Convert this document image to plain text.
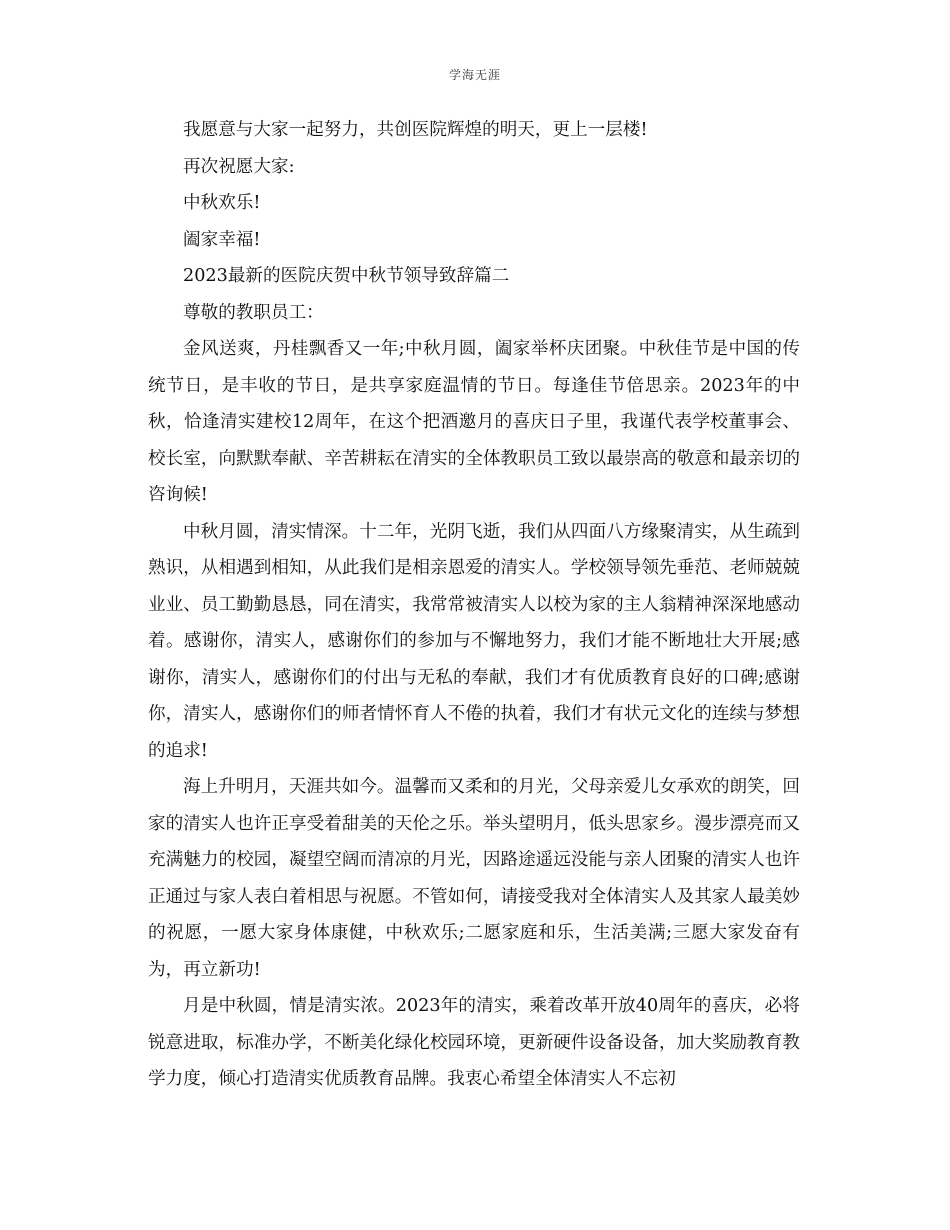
学海无涯
我愿意与大家一起努力，共创医院辉煌的明天，更上一层楼!
再次祝愿大家:
中秋欢乐!
阖家幸福!
2023最新的医院庆贺中秋节领导致辞篇二
尊敬的教职员工：

金风送爽，丹桂飘香又一年;中秋月圆，阖家举杯庆团聚。中秋佳节是中国的传统节日，是丰收的节日，是共享家庭温情的节日。每逢佳节倍思亲。2023年的中秋，恰逢清实建校12周年，在这个把酒邀月的喜庆日子里，我谨代表学校董事会、校长室，向默默奉献、辛苦耕耘在清实的全体教职员工致以最崇高的敬意和最亲切的咨询候!

中秋月圆，清实情深。十二年，光阴飞逝，我们从四面八方缘聚清实，从生疏到熟识，从相遇到相知，从此我们是相亲恩爱的清实人。学校领导领先垂范、老师兢兢业业、员工勤勤恳恳，同在清实，我常常被清实人以校为家的主人翁精神深深地感动着。感谢你，清实人，感谢你们的参加与不懈地努力，我们才能不断地壮大开展;感谢你，清实人，感谢你们的付出与无私的奉献，我们才有优质教育良好的口碑;感谢你，清实人，感谢你们的师者情怀育人不倦的执着，我们才有状元文化的连续与梦想的追求!

海上升明月，天涯共如今。温馨而又柔和的月光，父母亲爱儿女承欢的朗笑，回家的清实人也许正享受着甜美的天伦之乐。举头望明月，低头思家乡。漫步漂亮而又充满魅力的校园，凝望空阔而清凉的月光，因路途遥远没能与亲人团聚的清实人也许正通过与家人表白着相思与祝愿。不管如何，请接受我对全体清实人及其家人最美妙的祝愿，一愿大家身体康健，中秋欢乐;二愿家庭和乐，生活美满;三愿大家发奋有为，再立新功!

月是中秋圆，情是清实浓。2023年的清实，乘着改革开放40周年的喜庆，必将锐意进取，标准办学，不断美化绿化校园环境，更新硬件设备设备，加大奖励教育教学力度，倾心打造清实优质教育品牌。我衷心希望全体清实人不忘初
